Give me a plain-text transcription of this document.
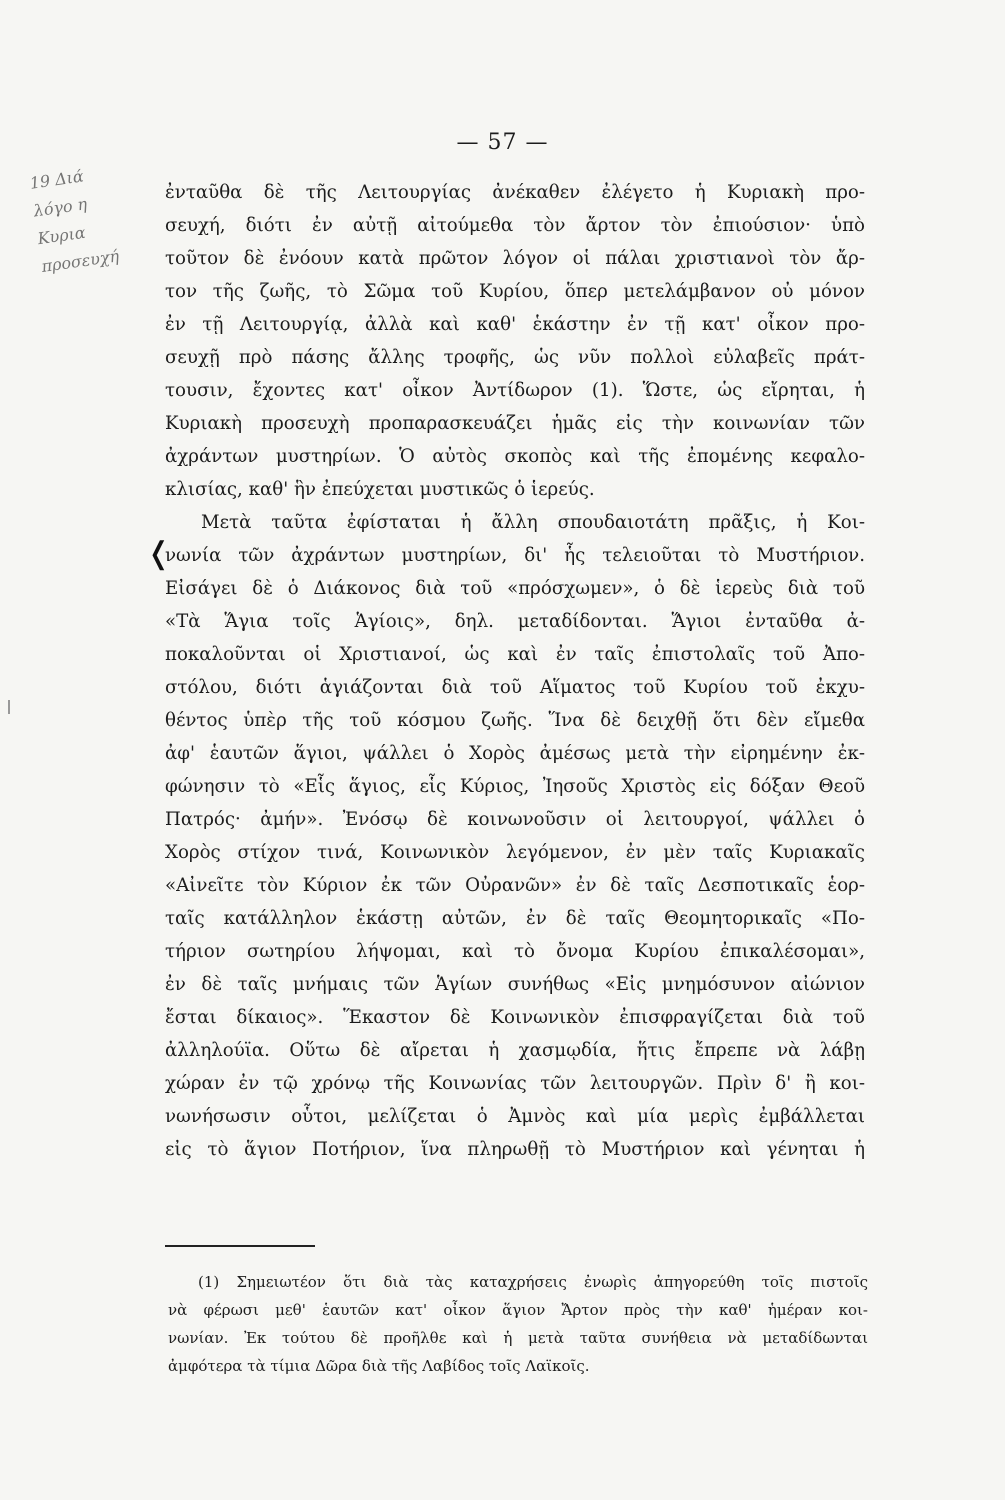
— 57 —
19 Διά
λόγο η
Κυρια
προσευχή
❬
ἐνταῦθα δὲ τῆς Λειτουργίας ἀνέκαθεν ἐλέγετο ἡ Κυριακὴ προ-
σευχή, διότι ἐν αὐτῇ αἰτούμεθα τὸν ἄρτον τὸν ἐπιούσιον· ὑπὸ
τοῦτον δὲ ἐνόουν κατὰ πρῶτον λόγον οἱ πάλαι χριστιανοὶ τὸν ἄρ-
τον τῆς ζωῆς, τὸ Σῶμα τοῦ Κυρίου, ὅπερ μετελάμβανον οὐ μόνον
ἐν τῇ Λειτουργίᾳ, ἀλλὰ καὶ καθ' ἑκάστην ἐν τῇ κατ' οἶκον προ-
σευχῇ πρὸ πάσης ἄλλης τροφῆς, ὡς νῦν πολλοὶ εὐλαβεῖς πράτ-
τουσιν, ἔχοντες κατ' οἶκον Ἀντίδωρον (1). Ὥστε, ὡς εἴρηται, ἡ
Κυριακὴ προσευχὴ προπαρασκευάζει ἡμᾶς εἰς τὴν κοινωνίαν τῶν
ἀχράντων μυστηρίων. Ὁ αὐτὸς σκοπὸς καὶ τῆς ἐπομένης κεφαλο-
κλισίας, καθ' ἣν ἐπεύχεται μυστικῶς ὁ ἱερεύς.
Μετὰ ταῦτα ἐφίσταται ἡ ἄλλη σπουδαιοτάτη πρᾶξις, ἡ Κοι-
νωνία τῶν ἀχράντων μυστηρίων, δι' ἧς τελειοῦται τὸ Μυστήριον.
Εἰσάγει δὲ ὁ Διάκονος διὰ τοῦ «πρόσχωμεν», ὁ δὲ ἱερεὺς διὰ τοῦ
«Τὰ Ἅγια τοῖς Ἁγίοις», δηλ. μεταδίδονται. Ἅγιοι ἐνταῦθα ἀ-
ποκαλοῦνται οἱ Χριστιανοί, ὡς καὶ ἐν ταῖς ἐπιστολαῖς τοῦ Ἀπο-
στόλου, διότι ἁγιάζονται διὰ τοῦ Αἵματος τοῦ Κυρίου τοῦ ἐκχυ-
θέντος ὑπὲρ τῆς τοῦ κόσμου ζωῆς. Ἵνα δὲ δειχθῇ ὅτι δὲν εἴμεθα
ἀφ' ἑαυτῶν ἅγιοι, ψάλλει ὁ Χορὸς ἀμέσως μετὰ τὴν εἰρημένην ἐκ-
φώνησιν τὸ «Εἷς ἅγιος, εἷς Κύριος, Ἰησοῦς Χριστὸς εἰς δόξαν Θεοῦ
Πατρός· ἀμήν». Ἐνόσῳ δὲ κοινωνοῦσιν οἱ λειτουργοί, ψάλλει ὁ
Χορὸς στίχον τινά, Κοινωνικὸν λεγόμενον, ἐν μὲν ταῖς Κυριακαῖς
«Αἰνεῖτε τὸν Κύριον ἐκ τῶν Οὐρανῶν» ἐν δὲ ταῖς Δεσποτικαῖς ἑορ-
ταῖς κατάλληλον ἑκάστῃ αὐτῶν, ἐν δὲ ταῖς Θεομητορικαῖς «Πο-
τήριον σωτηρίου λήψομαι, καὶ τὸ ὄνομα Κυρίου ἐπικαλέσομαι»,
ἐν δὲ ταῖς μνήμαις τῶν Ἁγίων συνήθως «Εἰς μνημόσυνον αἰώνιον
ἔσται δίκαιος». Ἕκαστον δὲ Κοινωνικὸν ἐπισφραγίζεται διὰ τοῦ
ἀλληλούϊα. Οὕτω δὲ αἴρεται ἡ χασμῳδία, ἥτις ἔπρεπε νὰ λάβῃ
χώραν ἐν τῷ χρόνῳ τῆς Κοινωνίας τῶν λειτουργῶν. Πρὶν δ' ἢ κοι-
νωνήσωσιν οὗτοι, μελίζεται ὁ Ἀμνὸς καὶ μία μερὶς ἐμβάλλεται
εἰς τὸ ἅγιον Ποτήριον, ἵνα πληρωθῇ τὸ Μυστήριον καὶ γένηται ἡ
(1) Σημειωτέον ὅτι διὰ τὰς καταχρήσεις ἐνωρὶς ἀπηγορεύθη τοῖς πιστοῖς
νὰ φέρωσι μεθ' ἑαυτῶν κατ' οἶκον ἅγιον Ἄρτον πρὸς τὴν καθ' ἡμέραν κοι-
νωνίαν. Ἐκ τούτου δὲ προῆλθε καὶ ἡ μετὰ ταῦτα συνήθεια νὰ μεταδίδωνται
ἀμφότερα τὰ τίμια Δῶρα διὰ τῆς Λαβίδος τοῖς Λαϊκοῖς.
